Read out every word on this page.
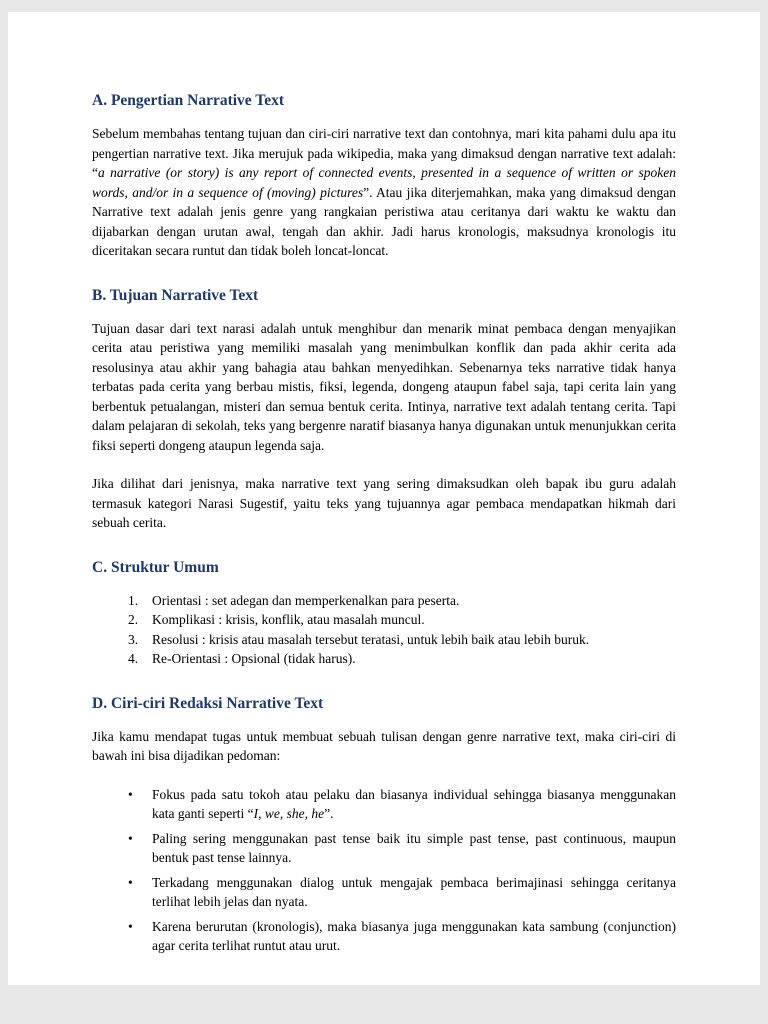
A. Pengertian Narrative Text

Sebelum membahas tentang tujuan dan ciri-ciri narrative text dan contohnya, mari kita pahami dulu apa itu pengertian narrative text. Jika merujuk pada wikipedia, maka yang dimaksud dengan narrative text adalah: “a narrative (or story) is any report of connected events, presented in a sequence of written or spoken words, and/or in a sequence of (moving) pictures”. Atau jika diterjemahkan, maka yang dimaksud dengan Narrative text adalah jenis genre yang rangkaian peristiwa atau ceritanya dari waktu ke waktu dan dijabarkan dengan urutan awal, tengah dan akhir. Jadi harus kronologis, maksudnya kronologis itu diceritakan secara runtut dan tidak boleh loncat-loncat.

B. Tujuan Narrative Text

Tujuan dasar dari text narasi adalah untuk menghibur dan menarik minat pembaca dengan menyajikan cerita atau peristiwa yang memiliki masalah yang menimbulkan konflik dan pada akhir cerita ada resolusinya atau akhir yang bahagia atau bahkan menyedihkan. Sebenarnya teks narrative tidak hanya terbatas pada cerita yang berbau mistis, fiksi, legenda, dongeng ataupun fabel saja, tapi cerita lain yang berbentuk petualangan, misteri dan semua bentuk cerita. Intinya, narrative text adalah tentang cerita. Tapi dalam pelajaran di sekolah, teks yang bergenre naratif biasanya hanya digunakan untuk menunjukkan cerita fiksi seperti dongeng ataupun legenda saja.

Jika dilihat dari jenisnya, maka narrative text yang sering dimaksudkan oleh bapak ibu guru adalah termasuk kategori Narasi Sugestif, yaitu teks yang tujuannya agar pembaca mendapatkan hikmah dari sebuah cerita.

C. Struktur Umum
1.	Orientasi : set adegan dan memperkenalkan para peserta.
2.	Komplikasi : krisis, konflik, atau masalah muncul.
3.	Resolusi : krisis atau masalah tersebut teratasi, untuk lebih baik atau lebih buruk.
4.	Re-Orientasi : Opsional (tidak harus).
D. Ciri-ciri Redaksi Narrative Text

Jika kamu mendapat tugas untuk membuat sebuah tulisan dengan genre narrative text, maka ciri-ciri di bawah ini bisa dijadikan pedoman:

•	Fokus pada satu tokoh atau pelaku dan biasanya individual sehingga biasanya menggunakan kata ganti seperti “I, we, she, he”.
•	Paling sering menggunakan past tense baik itu simple past tense, past continuous, maupun bentuk past tense lainnya.
•	Terkadang menggunakan dialog untuk mengajak pembaca berimajinasi sehingga ceritanya terlihat lebih jelas dan nyata.
•	Karena berurutan (kronologis), maka biasanya juga menggunakan kata sambung (conjunction) agar cerita terlihat runtut atau urut.
